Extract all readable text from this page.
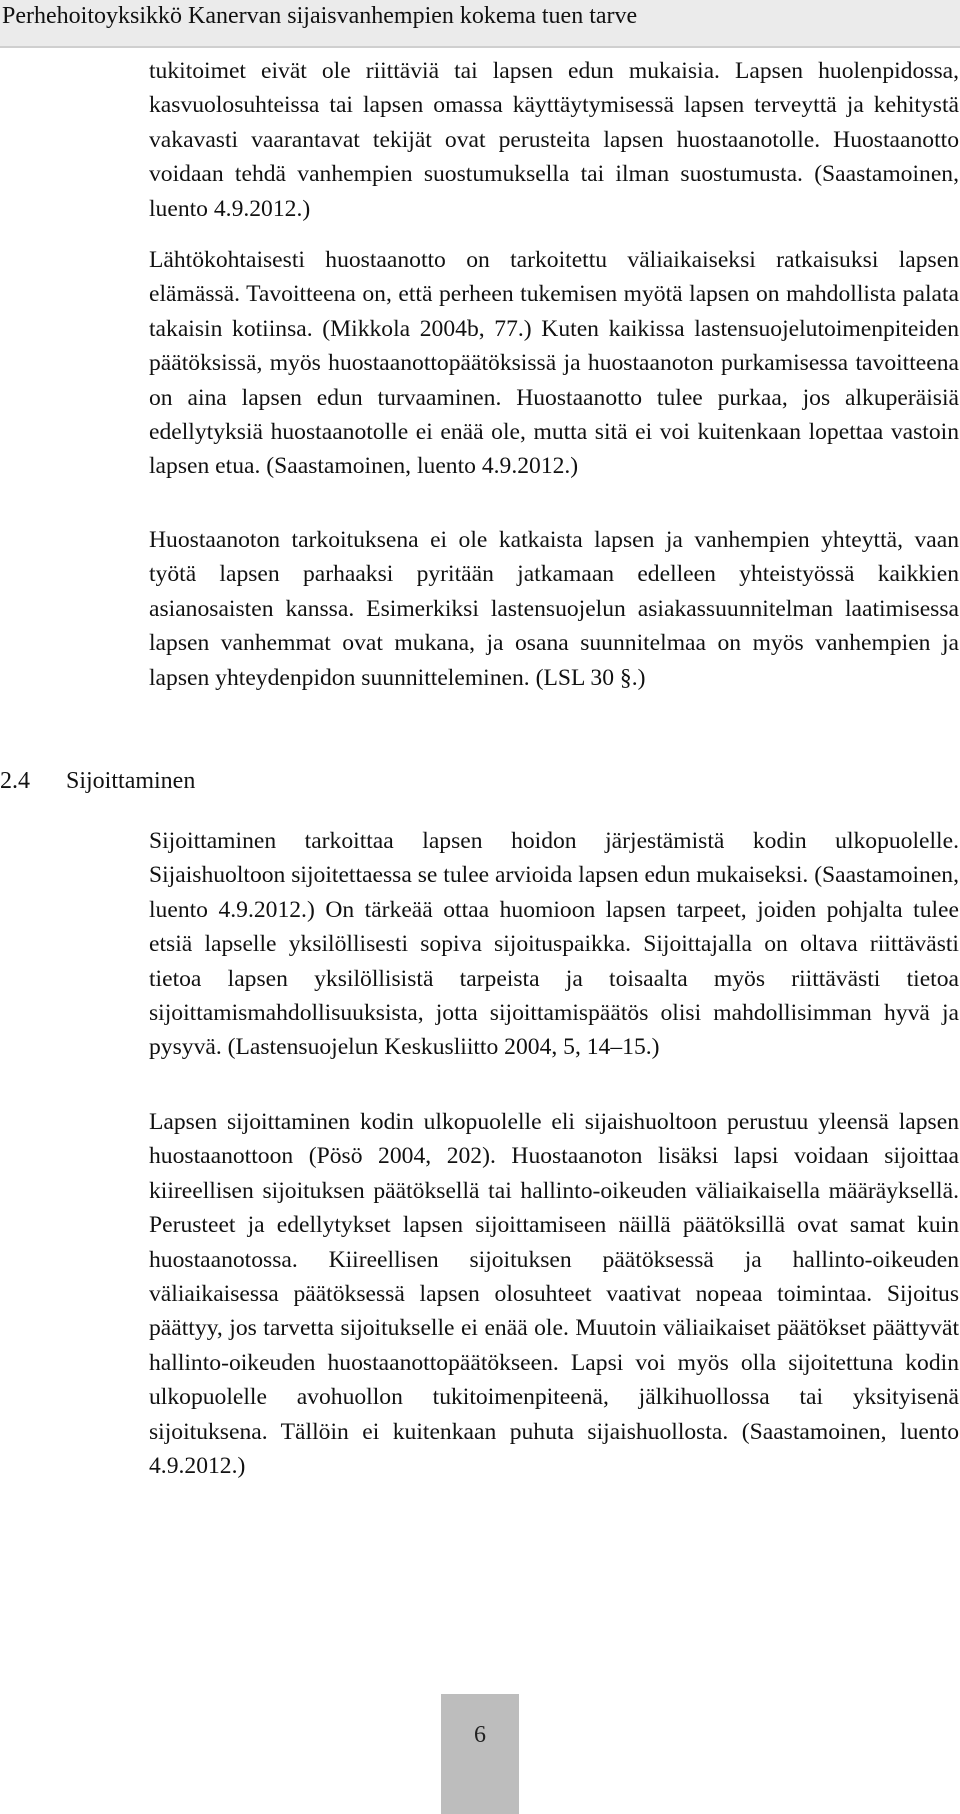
Perhehoitoyksikkö Kanervan sijaisvanhempien kokema tuen tarve

tukitoimet eivät ole riittäviä tai lapsen edun mukaisia. Lapsen huolenpidossa, kasvuolosuhteissa tai lapsen omassa käyttäytymisessä lapsen terveyttä ja kehitystä vakavasti vaarantavat tekijät ovat perusteita lapsen huostaanotolle. Huostaanotto voidaan tehdä vanhempien suostumuksella tai ilman suostumusta. (Saastamoinen, luento 4.9.2012.)

Lähtökohtaisesti huostaanotto on tarkoitettu väliaikaiseksi ratkaisuksi lapsen elämässä. Tavoitteena on, että perheen tukemisen myötä lapsen on mahdollista palata takaisin kotiinsa. (Mikkola 2004b, 77.) Kuten kaikissa lastensuojelutoimenpiteiden päätöksissä, myös huostaanottopäätöksissä ja huostaanoton purkamisessa tavoitteena on aina lapsen edun turvaaminen. Huostaanotto tulee purkaa, jos alkuperäisiä edellytyksiä huostaanotolle ei enää ole, mutta sitä ei voi kuitenkaan lopettaa vastoin lapsen etua. (Saastamoinen, luento 4.9.2012.)

Huostaanoton tarkoituksena ei ole katkaista lapsen ja vanhempien yhteyttä, vaan työtä lapsen parhaaksi pyritään jatkamaan edelleen yhteistyössä kaikkien asianosaisten kanssa. Esimerkiksi lastensuojelun asiakassuunnitelman laatimisessa lapsen vanhemmat ovat mukana, ja osana suunnitelmaa on myös vanhempien ja lapsen yhteydenpidon suunnitteleminen. (LSL 30 §.)

2.4 Sijoittaminen

Sijoittaminen tarkoittaa lapsen hoidon järjestämistä kodin ulkopuolelle. Sijaishuoltoon sijoitettaessa se tulee arvioida lapsen edun mukaiseksi. (Saastamoinen, luento 4.9.2012.) On tärkeää ottaa huomioon lapsen tarpeet, joiden pohjalta tulee etsiä lapselle yksilöllisesti sopiva sijoituspaikka. Sijoittajalla on oltava riittävästi tietoa lapsen yksilöllisistä tarpeista ja toisaalta myös riittävästi tietoa sijoittamismahdollisuuksista, jotta sijoittamispäätös olisi mahdollisimman hyvä ja pysyvä. (Lastensuojelun Keskusliitto 2004, 5, 14–15.)

Lapsen sijoittaminen kodin ulkopuolelle eli sijaishuoltoon perustuu yleensä lapsen huostaanottoon (Pösö 2004, 202). Huostaanoton lisäksi lapsi voidaan sijoittaa kiireellisen sijoituksen päätöksellä tai hallinto-oikeuden väliaikaisella määräyksellä. Perusteet ja edellytykset lapsen sijoittamiseen näillä päätöksillä ovat samat kuin huostaanotossa. Kiireellisen sijoituksen päätöksessä ja hallinto-oikeuden väliaikaisessa päätöksessä lapsen olosuhteet vaativat nopeaa toimintaa. Sijoitus päättyy, jos tarvetta sijoitukselle ei enää ole. Muutoin väliaikaiset päätökset päättyvät hallinto-oikeuden huostaanottopäätökseen. Lapsi voi myös olla sijoitettuna kodin ulkopuolelle avohuollon tukitoimenpiteenä, jälkihuollossa tai yksityisenä sijoituksena. Tällöin ei kuitenkaan puhuta sijaishuollosta. (Saastamoinen, luento 4.9.2012.)

6
